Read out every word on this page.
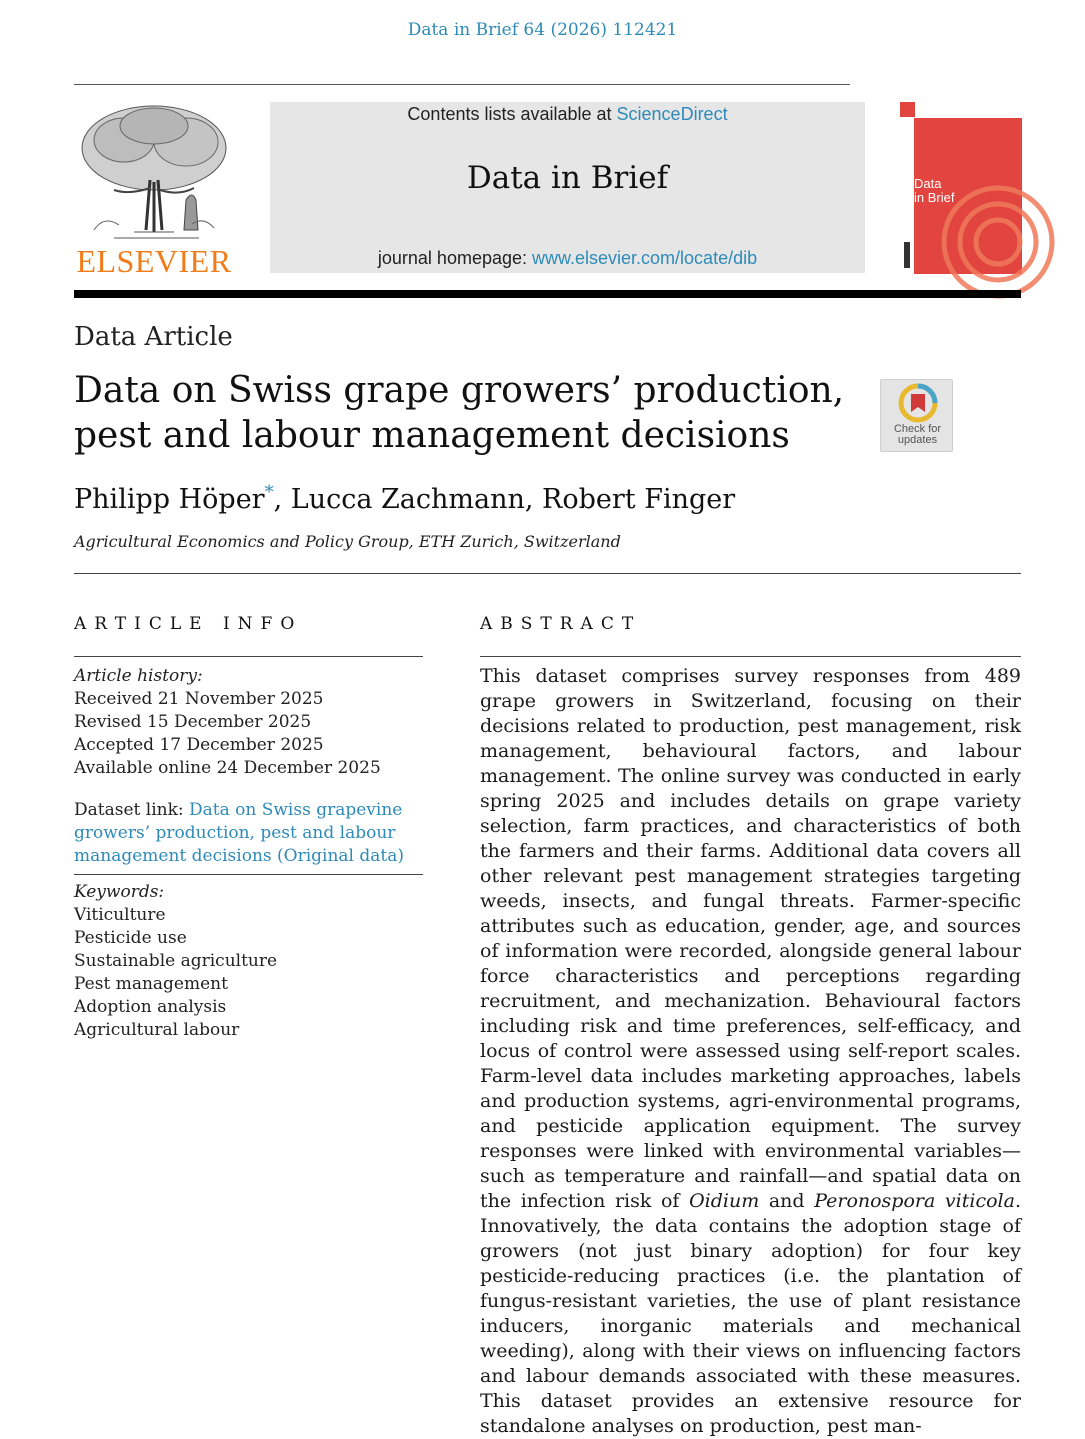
Data in Brief 64 (2026) 112421
ELSEVIER
Contents lists available at ScienceDirect
Data in Brief
journal homepage: www.elsevier.com/locate/dib
Data
in Brief
Data Article
Data on Swiss grape growers’ production, pest and labour management decisions	Check for
updates
Philipp Höper*, Lucca Zachmann, Robert Finger
Agricultural Economics and Policy Group, ETH Zurich, Switzerland
ARTICLE INFO	ABSTRACT
Article history:
Received 21 November 2025
Revised 15 December 2025
Accepted 17 December 2025
Available online 24 December 2025
Dataset link: Data on Swiss grapevine growers’ production, pest and labour management decisions (Original data)
Keywords:
Viticulture
Pesticide use
Sustainable agriculture
Pest management
Adoption analysis
Agricultural labour
This dataset comprises survey responses from 489 grape growers in Switzerland, focusing on their decisions related to production, pest management, risk management, behavioural factors, and labour management. The online survey was conducted in early spring 2025 and includes details on grape variety selection, farm practices, and characteristics of both the farmers and their farms. Additional data covers all other relevant pest management strategies targeting weeds, insects, and fungal threats. Farmer-specific attributes such as education, gender, age, and sources of information were recorded, alongside general labour force characteristics and perceptions regarding recruitment, and mechanization. Behavioural factors including risk and time preferences, self-efficacy, and locus of control were assessed using self-report scales. Farm-level data includes marketing approaches, labels and production systems, agri-environmental programs, and pesticide application equipment. The survey responses were linked with environmental variables—such as temperature and rainfall—and spatial data on the infection risk of Oidium and Peronospora viticola. Innovatively, the data contains the adoption stage of growers (not just binary adoption) for four key pesticide-reducing practices (i.e. the plantation of fungus-resistant varieties, the use of plant resistance inducers, inorganic materials and mechanical weeding), along with their views on influencing factors and labour demands associated with these measures. This dataset provides an extensive resource for standalone analyses on production, pest man-
